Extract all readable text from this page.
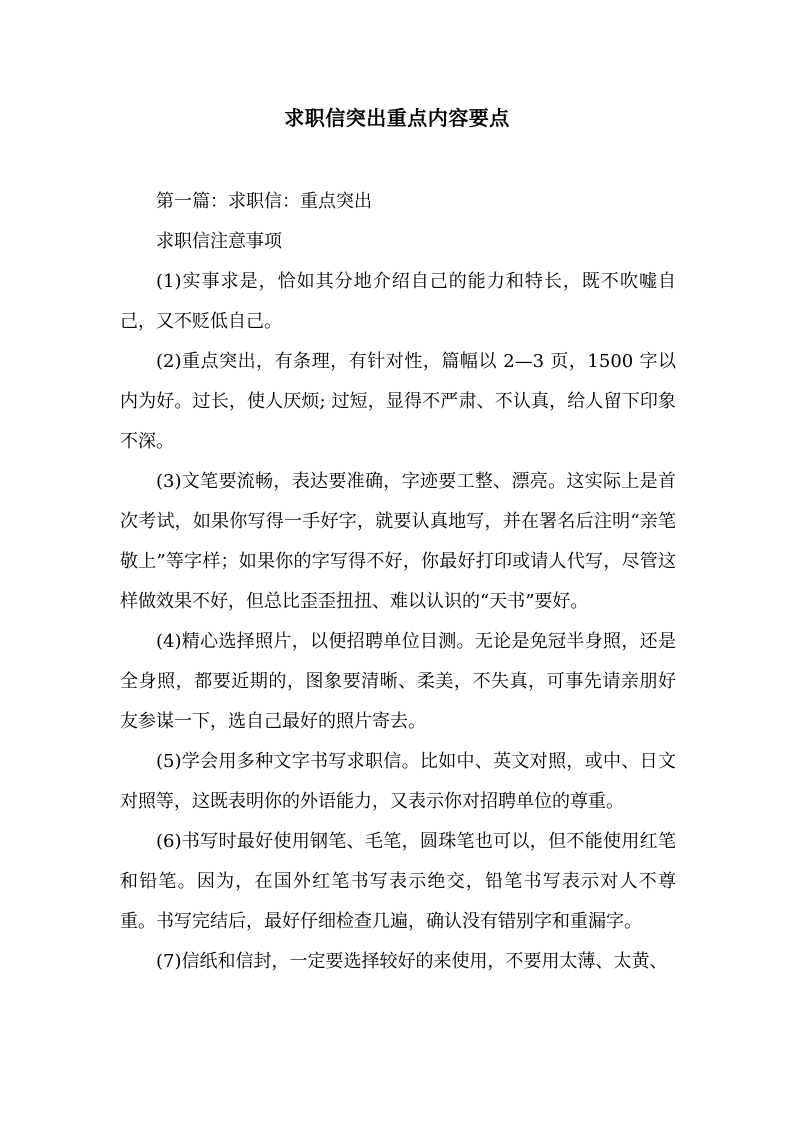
求职信突出重点内容要点

第一篇：求职信：重点突出

求职信注意事项

(1)实事求是，恰如其分地介绍自己的能力和特长，既不吹嘘自己，又不贬低自己。

(2)重点突出，有条理，有针对性，篇幅以 2—3 页，1500 字以内为好。过长，使人厌烦; 过短，显得不严肃、不认真，给人留下印象不深。

(3)文笔要流畅，表达要准确，字迹要工整、漂亮。这实际上是首次考试，如果你写得一手好字，就要认真地写，并在署名后注明“亲笔敬上”等字样；如果你的字写得不好，你最好打印或请人代写，尽管这样做效果不好，但总比歪歪扭扭、难以认识的“天书”要好。

(4)精心选择照片，以便招聘单位目测。无论是免冠半身照，还是全身照，都要近期的，图象要清晰、柔美，不失真，可事先请亲朋好友参谋一下，选自己最好的照片寄去。

(5)学会用多种文字书写求职信。比如中、英文对照，或中、日文对照等，这既表明你的外语能力，又表示你对招聘单位的尊重。

(6)书写时最好使用钢笔、毛笔，圆珠笔也可以，但不能使用红笔和铅笔。因为，在国外红笔书写表示绝交，铅笔书写表示对人不尊重。书写完结后，最好仔细检查几遍，确认没有错别字和重漏字。

(7)信纸和信封，一定要选择较好的来使用，不要用太薄、太黄、
